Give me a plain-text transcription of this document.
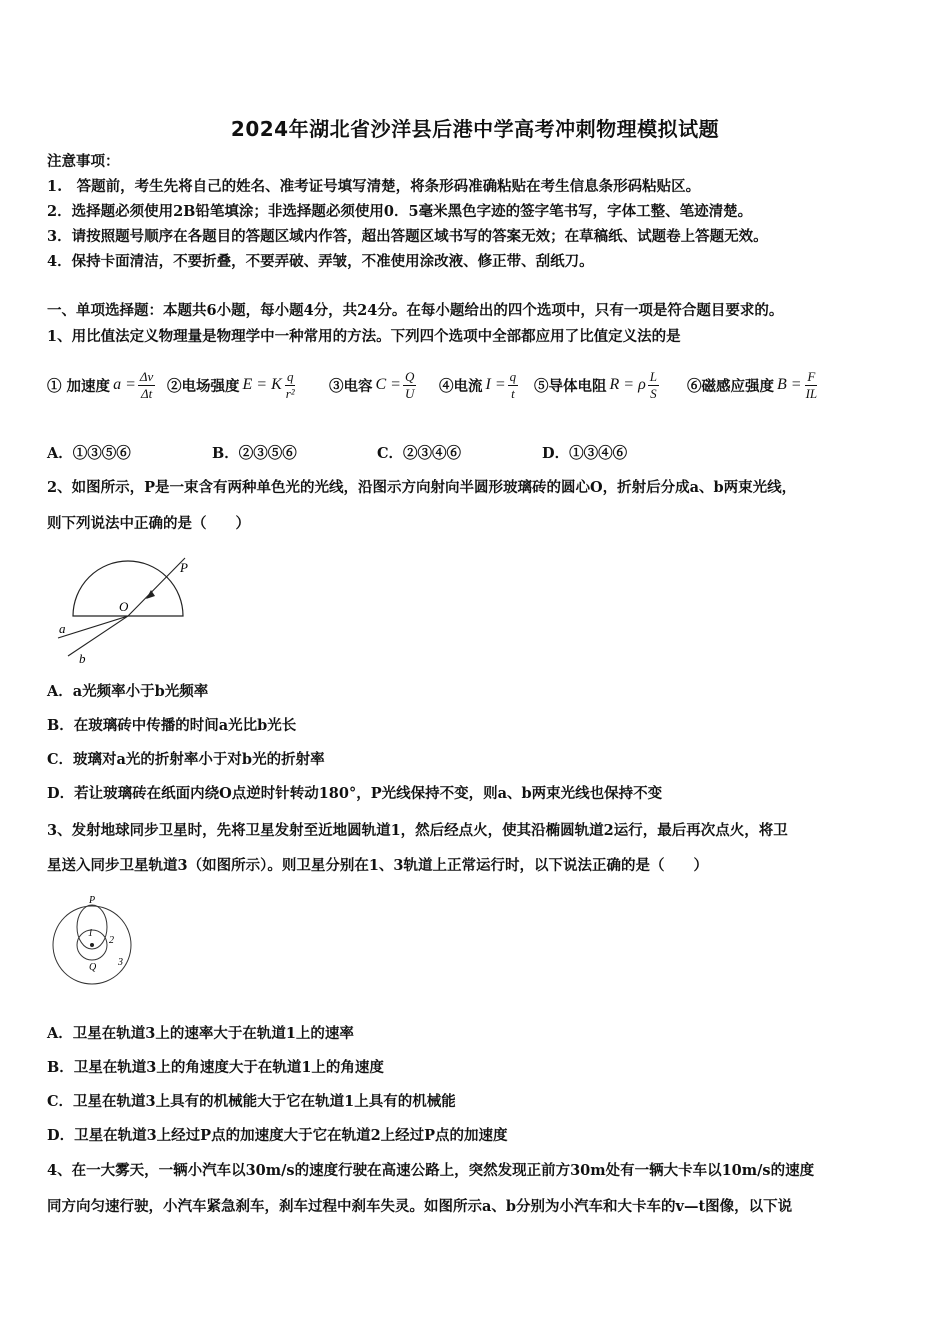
2024年湖北省沙洋县后港中学高考冲刺物理模拟试题
注意事项：
1.　答题前，考生先将自己的姓名、准考证号填写清楚，将条形码准确粘贴在考生信息条形码粘贴区。
2．选择题必须使用2B铅笔填涂；非选择题必须使用0．5毫米黑色字迹的签字笔书写，字体工整、笔迹清楚。
3．请按照题号顺序在各题目的答题区域内作答，超出答题区域书写的答案无效；在草稿纸、试题卷上答题无效。
4．保持卡面清洁，不要折叠，不要弄破、弄皱，不准使用涂改液、修正带、刮纸刀。
一、单项选择题：本题共6小题，每小题4分，共24分。在每小题给出的四个选项中，只有一项是符合题目要求的。
1、用比值法定义物理量是物理学中一种常用的方法。下列四个选项中全部都应用了比值定义法的是
① 加速度 $a = \frac{\Delta v}{\Delta t}$ ②电场强度 E = K $\frac{q}{\text{r²}}$ ③电容 $C = \frac{Q}{U}$ ④电流 $I = \frac{q}{t}$ ⑤导体电阻 R = ρ $\frac{L}{S}$ ⑥磁感应强度 $B = \frac{F}{IL}$
A．①③⑤⑥	B．②③⑤⑥	C．②③④⑥	D．①③④⑥
2、如图所示，P是一束含有两种单色光的光线，沿图示方向射向半圆形玻璃砖的圆心O，折射后分成a、b两束光线，
则下列说法中正确的是（　　）
P
O
a
b
A．a光频率小于b光频率
B．在玻璃砖中传播的时间a光比b光长
C．玻璃对a光的折射率小于对b光的折射率
D．若让玻璃砖在纸面内绕O点逆时针转动180°，P光线保持不变，则a、b两束光线也保持不变
3、发射地球同步卫星时，先将卫星发射至近地圆轨道1，然后经点火，使其沿椭圆轨道2运行，最后再次点火，将卫
星送入同步卫星轨道3（如图所示）。则卫星分别在1、3轨道上正常运行时，以下说法正确的是（　　）
P
Q
1
2
3
A．卫星在轨道3上的速率大于在轨道1上的速率
B．卫星在轨道3上的角速度大于在轨道1上的角速度
C．卫星在轨道3上具有的机械能大于它在轨道1上具有的机械能
D．卫星在轨道3上经过P点的加速度大于它在轨道2上经过P点的加速度
4、在一大雾天，一辆小汽车以30m/s的速度行驶在高速公路上，突然发现正前方30m处有一辆大卡车以10m/s的速度
同方向匀速行驶，小汽车紧急刹车，刹车过程中刹车失灵。如图所示a、b分别为小汽车和大卡车的v—t图像，以下说
